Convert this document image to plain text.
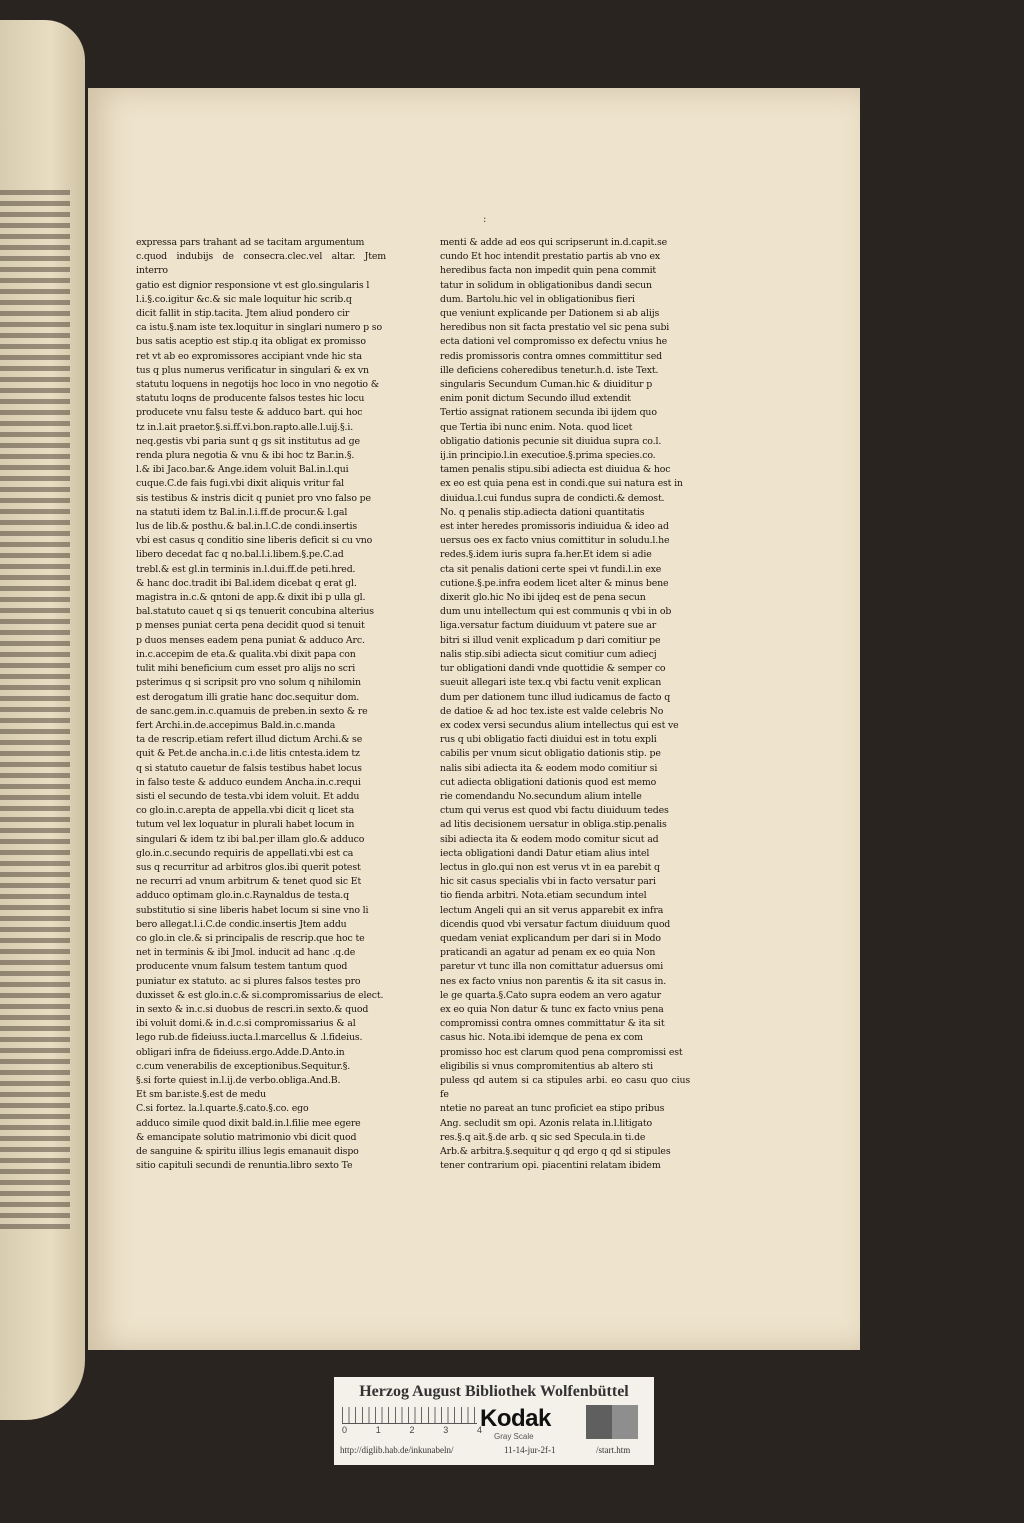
:
expressa pars trahant ad se tacitam argumentum
c.quod indubijs de consecra.clec.vel altar. Jtem interro
gatio est dignior responsione vt est glo.singularis l
l.i.§.co.igitur &c.& sic male loquitur hic scrib.q
dicit fallit in stip.tacita. Jtem aliud pondero cir
ca istu.§.nam iste tex.loquitur in singlari numero p so
bus satis aceptio est stip.q ita obligat ex promisso
ret vt ab eo expromissores accipiant vnde hic sta
tus q plus numerus verificatur in singulari & ex vn
statutu loquens in negotijs hoc loco in vno negotio &
statutu loqns de producente falsos testes hic locu
producete vnu falsu teste & adduco bart. qui hoc
tz in.l.ait praetor.§.si.ff.vi.bon.rapto.alle.l.uij.§.i.
neq.gestis vbi paria sunt q gs sit institutus ad ge
renda plura negotia & vnu & ibi hoc tz Bar.in.§.
l.& ibi Jaco.bar.& Ange.idem voluit Bal.in.l.qui
cuque.C.de fais fugi.vbi dixit aliquis vritur fal
sis testibus & instris dicit q puniet pro vno falso pe
na statuti idem tz Bal.in.l.i.ff.de procur.& l.gal
lus de lib.& posthu.& bal.in.l.C.de condi.insertis
vbi est casus q conditio sine liberis deficit si cu vno
libero decedat fac q no.bal.l.i.libem.§.pe.C.ad
trebl.& est gl.in terminis in.l.dui.ff.de peti.hred.
& hanc doc.tradit ibi Bal.idem dicebat q erat gl.
magistra in.c.& qntoni de app.& dixit ibi p ulla gl.
bal.statuto cauet q si qs tenuerit concubina alterius
p menses puniat certa pena decidit quod si tenuit
p duos menses eadem pena puniat & adduco Arc.
in.c.accepim de eta.& qualita.vbi dixit papa con
tulit mihi beneficium cum esset pro alijs no scri
psterimus q si scripsit pro vno solum q nihilomin
est derogatum illi gratie hanc doc.sequitur dom.
de sanc.gem.in.c.quamuis de preben.in sexto & re
fert Archi.in.de.accepimus Bald.in.c.manda
ta de rescrip.etiam refert illud dictum Archi.& se
quit & Pet.de ancha.in.c.i.de litis cntesta.idem tz
q si statuto cauetur de falsis testibus habet locus
in falso teste & adduco eundem Ancha.in.c.requi
sisti el secundo de testa.vbi idem voluit. Et addu
co glo.in.c.arepta de appella.vbi dicit q licet sta
tutum vel lex loquatur in plurali habet locum in
singulari & idem tz ibi bal.per illam glo.& adduco
glo.in.c.secundo requiris de appellati.vbi est ca
sus q recurritur ad arbitros glos.ibi querit potest
ne recurri ad vnum arbitrum & tenet quod sic Et
adduco optimam glo.in.c.Raynaldus de testa.q
substitutio si sine liberis habet locum si sine vno li
bero allegat.l.i.C.de condic.insertis Jtem addu
co glo.in cle.& si principalis de rescrip.que hoc te
net in terminis & ibi Jmol. inducit ad hanc .q.de
producente vnum falsum testem tantum quod
puniatur ex statuto. ac si plures falsos testes pro
duxisset & est glo.in.c.& si.compromissarius de elect.
in sexto & in.c.si duobus de rescri.in sexto.& quod
ibi voluit domi.& in.d.c.si compromissarius & al
lego rub.de fideiuss.iucta.l.marcellus & .l.fideius.
obligari infra de fideiuss.ergo.Adde.D.Anto.in
c.cum venerabilis de exceptionibus.Sequitur.§.
§.si forte quiest in.l.ij.de verbo.obliga.And.B.
Et sm bar.iste.§.est de medu
C.si fortez. la.l.quarte.§.cato.§.co. ego
adduco simile quod dixit bald.in.l.filie mee egere
& emancipate solutio matrimonio vbi dicit quod
de sanguine & spiritu illius legis emanauit dispo
sitio capituli secundi de renuntia.libro sexto Te
menti & adde ad eos qui scripserunt in.d.capit.se
cundo Et hoc intendit prestatio partis ab vno ex
heredibus facta non impedit quin pena commit
tatur in solidum in obligationibus dandi secun
dum. Bartolu.hic vel in obligationibus fieri
que veniunt explicande per Dationem si ab alijs
heredibus non sit facta prestatio vel sic pena subi
ecta dationi vel compromisso ex defectu vnius he
redis promissoris contra omnes committitur sed
ille deficiens coheredibus tenetur.h.d. iste Text.
singularis Secundum Cuman.hic & diuiditur p
enim ponit dictum Secundo illud extendit
Tertio assignat rationem secunda ibi ijdem quo
que Tertia ibi nunc enim. Nota. quod licet
obligatio dationis pecunie sit diuidua supra co.l.
ij.in principio.l.in executioe.§.prima species.co.
tamen penalis stipu.sibi adiecta est diuidua & hoc
ex eo est quia pena est in condi.que sui natura est in
diuidua.l.cui fundus supra de condicti.& demost.
No. q penalis stip.adiecta dationi quantitatis
est inter heredes promissoris indiuidua & ideo ad
uersus oes ex facto vnius comittitur in soludu.l.he
redes.§.idem iuris supra fa.her.Et idem si adie
cta sit penalis dationi certe spei vt fundi.l.in exe
cutione.§.pe.infra eodem licet alter & minus bene
dixerit glo.hic No ibi ijdeq est de pena secun
dum unu intellectum qui est communis q vbi in ob
liga.versatur factum diuiduum vt patere sue ar
bitri si illud venit explicadum p dari comitiur pe
nalis stip.sibi adiecta sicut comitiur cum adiecj
tur obligationi dandi vnde quottidie & semper co
sueuit allegari iste tex.q vbi factu venit explican
dum per dationem tunc illud iudicamus de facto q
de datioe & ad hoc tex.iste est valde celebris No
ex codex versi secundus alium intellectus qui est ve
rus q ubi obligatio facti diuidui est in totu expli
cabilis per vnum sicut obligatio dationis stip. pe
nalis sibi adiecta ita & eodem modo comitiur si
cut adiecta obligationi dationis quod est memo
rie comendandu No.secundum alium intelle
ctum qui verus est quod vbi factu diuiduum tedes
ad litis decisionem uersatur in obliga.stip.penalis
sibi adiecta ita & eodem modo comitur sicut ad
iecta obligationi dandi Datur etiam alius intel
lectus in glo.qui non est verus vt in ea parebit q
hic sit casus specialis vbi in facto versatur pari
tio fienda arbitri. Nota.etiam secundum intel
lectum Angeli qui an sit verus apparebit ex infra
dicendis quod vbi versatur factum diuiduum quod
quedam veniat explicandum per dari si in Modo
praticandi an agatur ad penam ex eo quia Non
paretur vt tunc illa non comittatur aduersus omi
nes ex facto vnius non parentis & ita sit casus in.
le ge quarta.§.Cato supra eodem an vero agatur
ex eo quia Non datur & tunc ex facto vnius pena
compromissi contra omnes committatur & ita sit
casus hic. Nota.ibi idemque de pena ex com
promisso hoc est clarum quod pena compromissi est
eligibilis si vnus compromitentius ab altero sti
puless qd autem si ca stipules arbi. eo casu quo cius fe
ntetie no pareat an tunc proficiet ea stipo pribus
Ang. secludit sm opi. Azonis relata in.l.litigato
res.§.q ait.§.de arb. q sic sed Specula.in ti.de
Arb.& arbitra.§.sequitur q qd ergo q qd si stipules
tener contrarium opi. piacentini relatam ibidem
Herzog August Bibliothek Wolfenbüttel
0	1	2	3	4
Kodak
Gray Scale
http://diglib.hab.de/inkunabeln/	11-14-jur-2f-1	/start.htm
